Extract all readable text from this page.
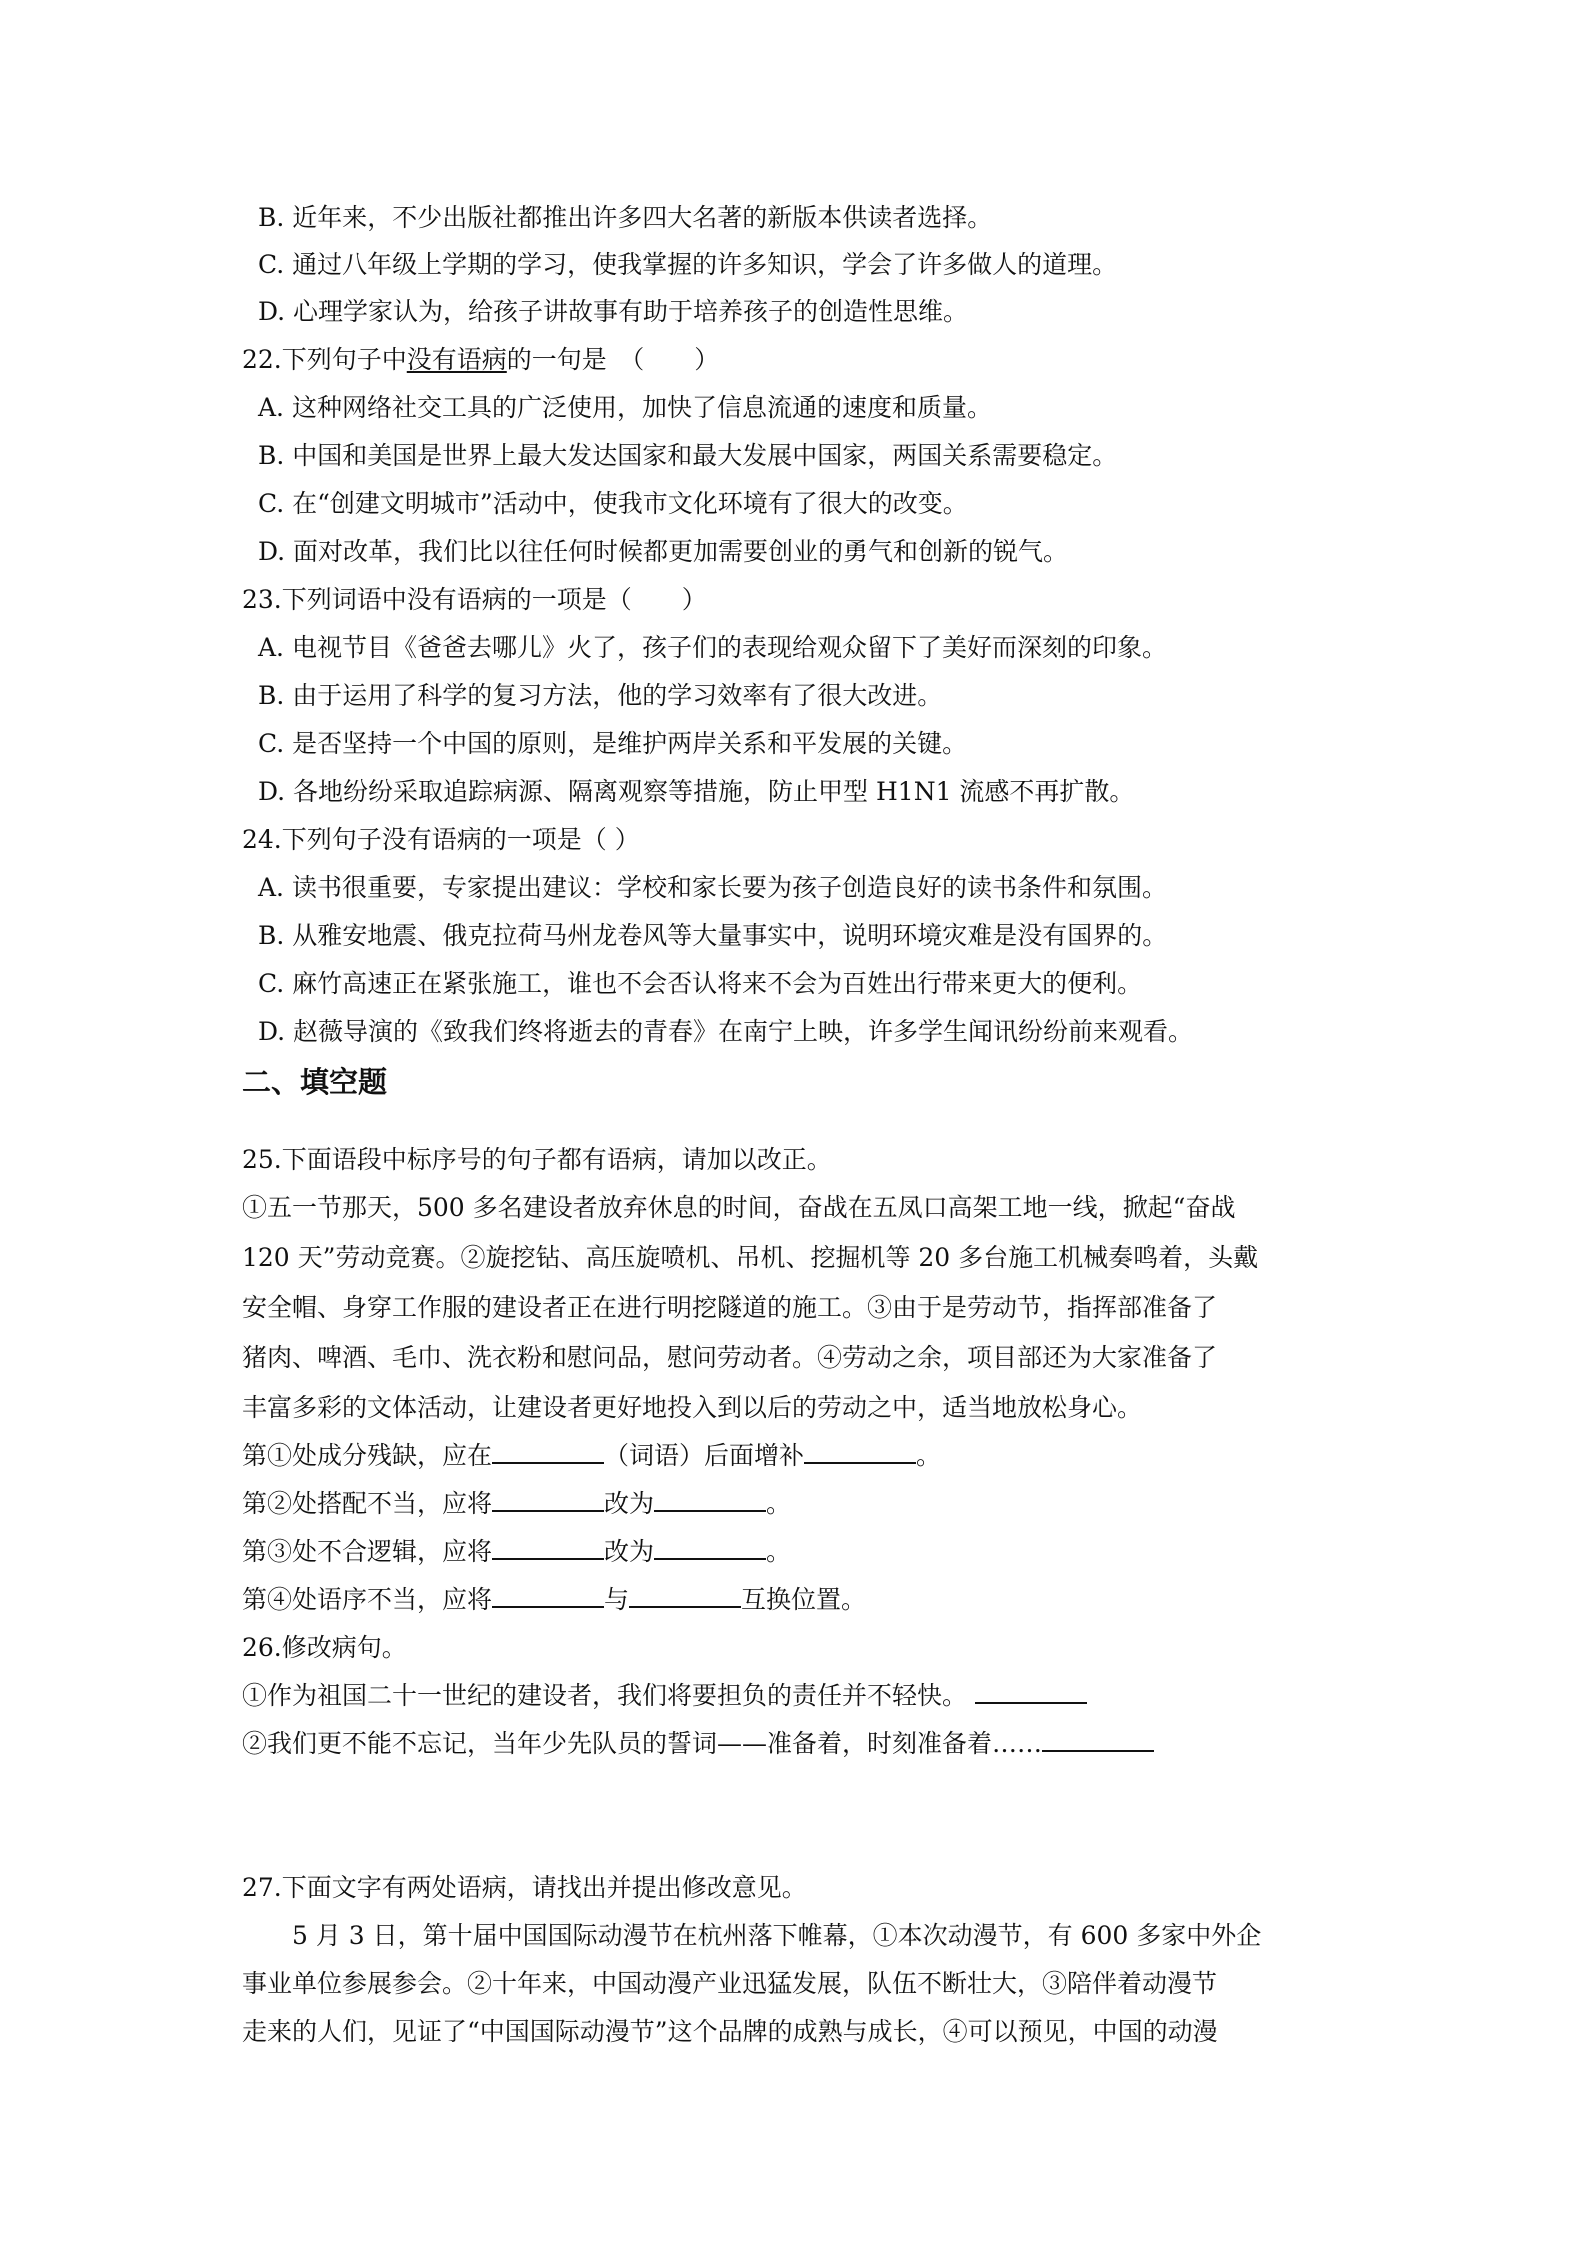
B. 近年来，不少出版社都推出许多四大名著的新版本供读者选择。

C. 通过八年级上学期的学习，使我掌握的许多知识，学会了许多做人的道理。

D. 心理学家认为，给孩子讲故事有助于培养孩子的创造性思维。

22.下列句子中没有语病的一句是　（　　）

A. 这种网络社交工具的广泛使用，加快了信息流通的速度和质量。

B. 中国和美国是世界上最大发达国家和最大发展中国家，两国关系需要稳定。

C. 在“创建文明城市”活动中，使我市文化环境有了很大的改变。

D. 面对改革，我们比以往任何时候都更加需要创业的勇气和创新的锐气。

23.下列词语中没有语病的一项是（　　）

A. 电视节目《爸爸去哪儿》火了，孩子们的表现给观众留下了美好而深刻的印象。

B. 由于运用了科学的复习方法，他的学习效率有了很大改进。

C. 是否坚持一个中国的原则，是维护两岸关系和平发展的关键。

D. 各地纷纷采取追踪病源、隔离观察等措施，防止甲型 H1N1 流感不再扩散。

24.下列句子没有语病的一项是（ ）

A. 读书很重要，专家提出建议：学校和家长要为孩子创造良好的读书条件和氛围。

B. 从雅安地震、俄克拉荷马州龙卷风等大量事实中，说明环境灾难是没有国界的。

C. 麻竹高速正在紧张施工，谁也不会否认将来不会为百姓出行带来更大的便利。

D. 赵薇导演的《致我们终将逝去的青春》在南宁上映，许多学生闻讯纷纷前来观看。

二、填空题

25.下面语段中标序号的句子都有语病，请加以改正。

①五一节那天，500 多名建设者放弃休息的时间，奋战在五凤口高架工地一线，掀起“奋战

120 天”劳动竞赛。②旋挖钻、高压旋喷机、吊机、挖掘机等 20 多台施工机械奏鸣着，头戴

安全帽、身穿工作服的建设者正在进行明挖隧道的施工。③由于是劳动节，指挥部准备了

猪肉、啤酒、毛巾、洗衣粉和慰问品，慰问劳动者。④劳动之余，项目部还为大家准备了

丰富多彩的文体活动，让建设者更好地投入到以后的劳动之中，适当地放松身心。

第①处成分残缺，应在	（词语）后面增补	。

第②处搭配不当，应将	改为	。

第③处不合逻辑，应将	改为	。

第④处语序不当，应将	与	互换位置。

26.修改病句。

①作为祖国二十一世纪的建设者，我们将要担负的责任并不轻快。

②我们更不能不忘记，当年少先队员的誓词——准备着，时刻准备着……

27.下面文字有两处语病，请找出并提出修改意见。

5 月 3 日，第十届中国国际动漫节在杭州落下帷幕，①本次动漫节，有 600 多家中外企

事业单位参展参会。②十年来，中国动漫产业迅猛发展，队伍不断壮大，③陪伴着动漫节

走来的人们，见证了“中国国际动漫节”这个品牌的成熟与成长，④可以预见，中国的动漫
